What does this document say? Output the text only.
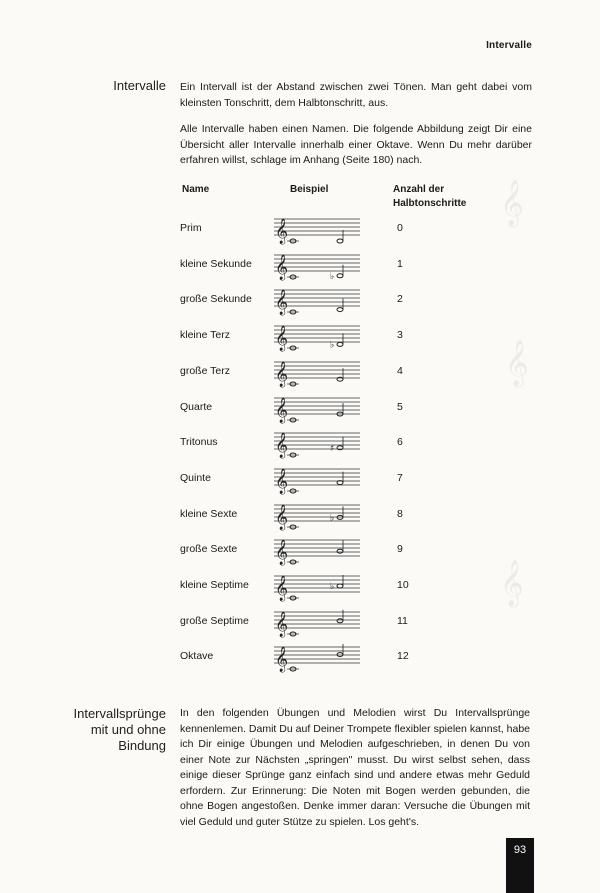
𝄞
𝄞
𝄞
Intervalle
Intervalle Ein Intervall ist der Abstand zwischen zwei Tönen. Man geht dabei vom kleinsten Tonschritt, dem Halbtonschritt, aus.
Alle Intervalle haben einen Namen. Die folgende Abbildung zeigt Dir eine Übersicht aller Intervalle innerhalb einer Oktave. Wenn Du mehr darüber erfahren willst, schlage im Anhang (Seite 180) nach.
Name	Beispiel	Anzahl der
Halbtonschritte
Prim	0
𝄞
kleine Sekunde	1
𝄞	♭
große Sekunde	2
𝄞
kleine Terz	3
𝄞	♭
große Terz	4
𝄞
Quarte	5
𝄞
Tritonus	6
𝄞	♯
Quinte	7
𝄞
kleine Sexte	8
𝄞	♭
große Sexte	9
𝄞
kleine Septime	10
𝄞	♭
große Septime	11
𝄞
Oktave	12
𝄞
Intervallsprünge
mit und ohne Bindung
In den folgenden Übungen und Melodien wirst Du Intervallsprünge kennenlemen. Damit Du auf Deiner Trompete flexibler spielen kannst, habe ich Dir einige Übungen und Melodien aufgeschrieben, in denen Du von einer Note zur Nächsten „springen" musst. Du wirst selbst sehen, dass einige dieser Sprünge ganz einfach sind und andere etwas mehr Geduld erfordern. Zur Erinnerung: Die Noten mit Bogen werden gebunden, die ohne Bogen angestoßen. Denke immer daran: Versuche die Übungen mit viel Geduld und guter Stütze zu spielen. Los geht's.
93
